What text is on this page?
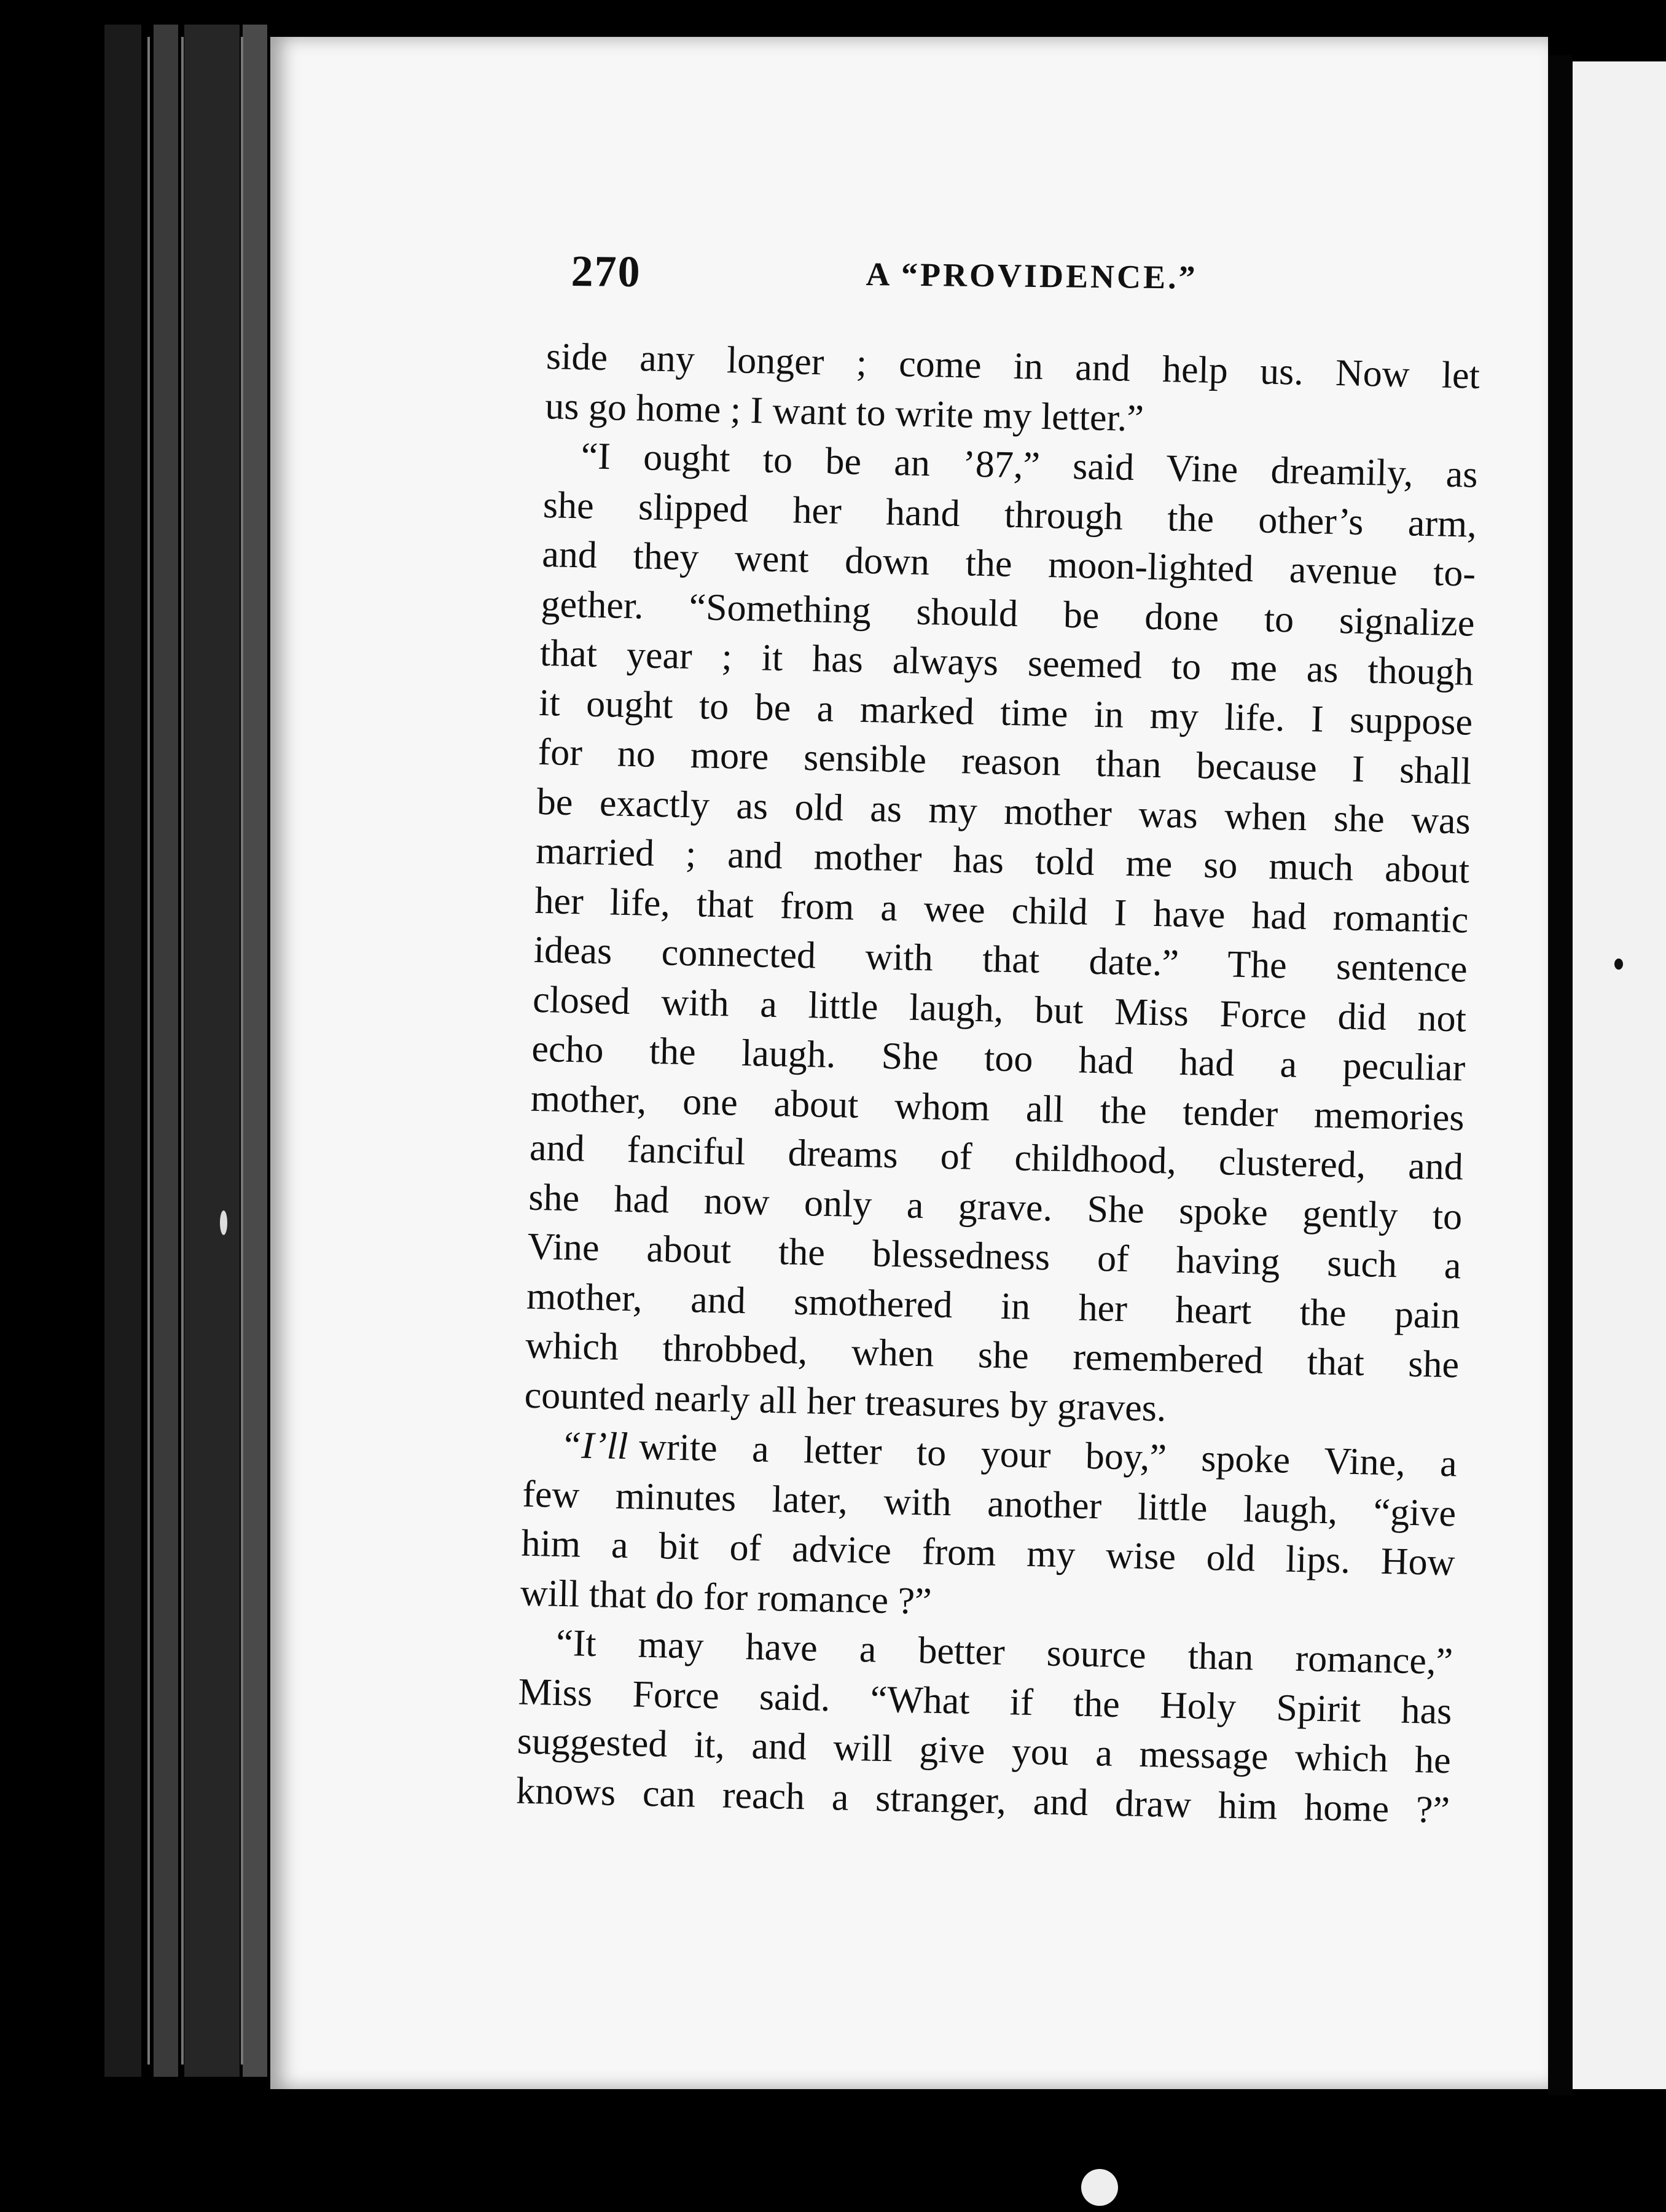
270	A “PROVIDENCE.”
side any longer ; come in and help us. Now let
us go home ; I want to write my letter.”
“I ought to be an ’87,” said Vine dreamily, as
she slipped her hand through the other’s arm,
and they went down the moon-lighted avenue to-
gether. “Something should be done to signalize
that year ; it has always seemed to me as though
it ought to be a marked time in my life. I suppose
for no more sensible reason than because I shall
be exactly as old as my mother was when she was
married ; and mother has told me so much about
her life, that from a wee child I have had romantic
ideas connected with that date.” The sentence
closed with a little laugh, but Miss Force did not
echo the laugh. She too had had a peculiar
mother, one about whom all the tender memories
and fanciful dreams of childhood, clustered, and
she had now only a grave. She spoke gently to
Vine about the blessedness of having such a
mother, and smothered in her heart the pain
which throbbed, when she remembered that she
counted nearly all her treasures by graves.
“I’ll write a letter to your boy,” spoke Vine, a
few minutes later, with another little laugh, “give
him a bit of advice from my wise old lips. How
will that do for romance ?”
“It may have a better source than romance,”
Miss Force said. “What if the Holy Spirit has
suggested it, and will give you a message which he
knows can reach a stranger, and draw him home ?”
